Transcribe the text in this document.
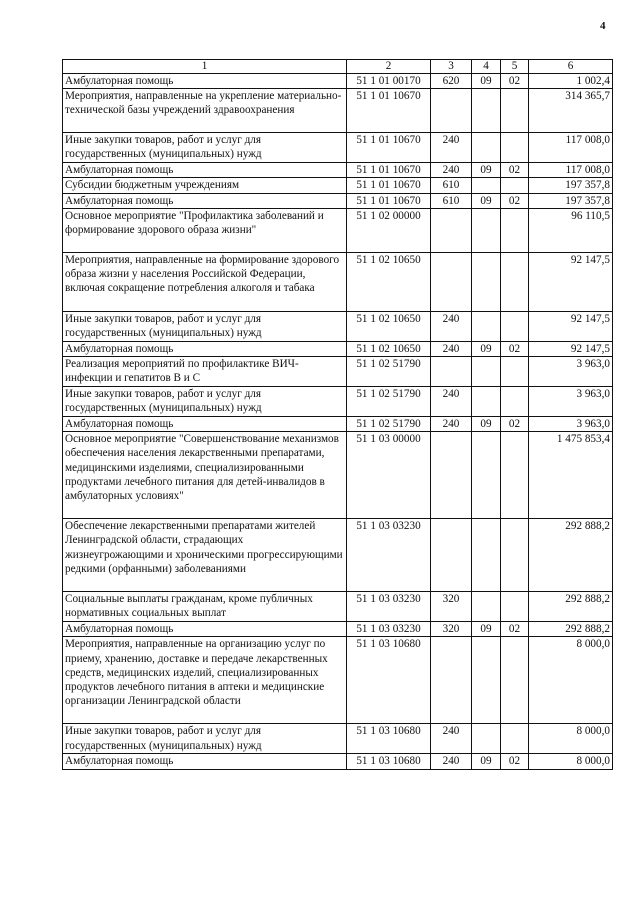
4
1	2	3	4	5	6
Амбулаторная помощь	51 1 01 00170	620	09	02	1 002,4
Мероприятия, направленные на укрепление материально-технической базы учреждений здравоохранения	51 1 01 10670				314 365,7
Иные закупки товаров, работ и услуг для государственных (муниципальных) нужд	51 1 01 10670	240			117 008,0
Амбулаторная помощь	51 1 01 10670	240	09	02	117 008,0
Субсидии бюджетным учреждениям	51 1 01 10670	610			197 357,8
Амбулаторная помощь	51 1 01 10670	610	09	02	197 357,8
Основное мероприятие "Профилактика заболеваний и формирование здорового образа жизни"	51 1 02 00000				96 110,5
Мероприятия, направленные на формирование здорового образа жизни у населения Российской Федерации, включая сокращение потребления алкоголя и табака	51 1 02 10650				92 147,5
Иные закупки товаров, работ и услуг для государственных (муниципальных) нужд	51 1 02 10650	240			92 147,5
Амбулаторная помощь	51 1 02 10650	240	09	02	92 147,5
Реализация мероприятий по профилактике ВИЧ-инфекции и гепатитов В и С	51 1 02 51790				3 963,0
Иные закупки товаров, работ и услуг для государственных (муниципальных) нужд	51 1 02 51790	240			3 963,0
Амбулаторная помощь	51 1 02 51790	240	09	02	3 963,0
Основное мероприятие "Совершенствование механизмов обеспечения населения лекарственными препаратами, медицинскими изделиями, специализированными продуктами лечебного питания для детей-инвалидов в амбулаторных условиях"	51 1 03 00000				1 475 853,4
Обеспечение лекарственными препаратами жителей Ленинградской области, страдающих жизнеугрожающими и хроническими прогрессирующими редкими (орфанными) заболеваниями	51 1 03 03230				292 888,2
Социальные выплаты гражданам, кроме публичных нормативных социальных выплат	51 1 03 03230	320			292 888,2
Амбулаторная помощь	51 1 03 03230	320	09	02	292 888,2
Мероприятия, направленные на организацию услуг по приему, хранению, доставке и передаче лекарственных средств, медицинских изделий, специализированных продуктов лечебного питания в аптеки и медицинские организации Ленинградской области	51 1 03 10680				8 000,0
Иные закупки товаров, работ и услуг для государственных (муниципальных) нужд	51 1 03 10680	240			8 000,0
Амбулаторная помощь	51 1 03 10680	240	09	02	8 000,0
